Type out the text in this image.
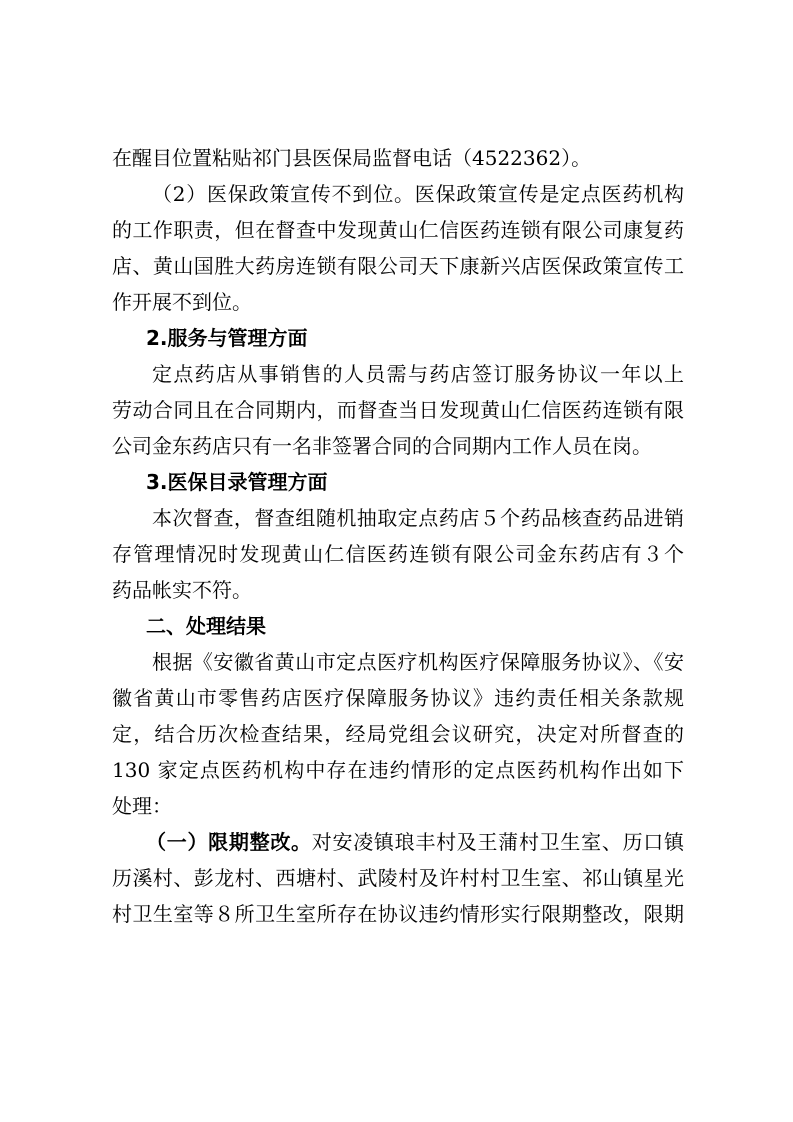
在醒目位置粘贴祁门县医保局监督电话（4522362）。
（2）医保政策宣传不到位。医保政策宣传是定点医药机构
的工作职责，但在督查中发现黄山仁信医药连锁有限公司康复药
店、黄山国胜大药房连锁有限公司天下康新兴店医保政策宣传工
作开展不到位。
2.服务与管理方面
定点药店从事销售的人员需与药店签订服务协议一年以上
劳动合同且在合同期内，而督查当日发现黄山仁信医药连锁有限
公司金东药店只有一名非签署合同的合同期内工作人员在岗。
3.医保目录管理方面
本次督查，督查组随机抽取定点药店５个药品核查药品进销
存管理情况时发现黄山仁信医药连锁有限公司金东药店有３个
药品帐实不符。
二、处理结果
根据《安徽省黄山市定点医疗机构医疗保障服务协议》、《安
徽省黄山市零售药店医疗保障服务协议》违约责任相关条款规
定，结合历次检查结果，经局党组会议研究，决定对所督查的
130 家定点医药机构中存在违约情形的定点医药机构作出如下
处理：
（一）限期整改。对安凌镇琅丰村及王蒲村卫生室、历口镇
历溪村、彭龙村、西塘村、武陵村及许村村卫生室、祁山镇星光
村卫生室等８所卫生室所存在协议违约情形实行限期整改，限期
